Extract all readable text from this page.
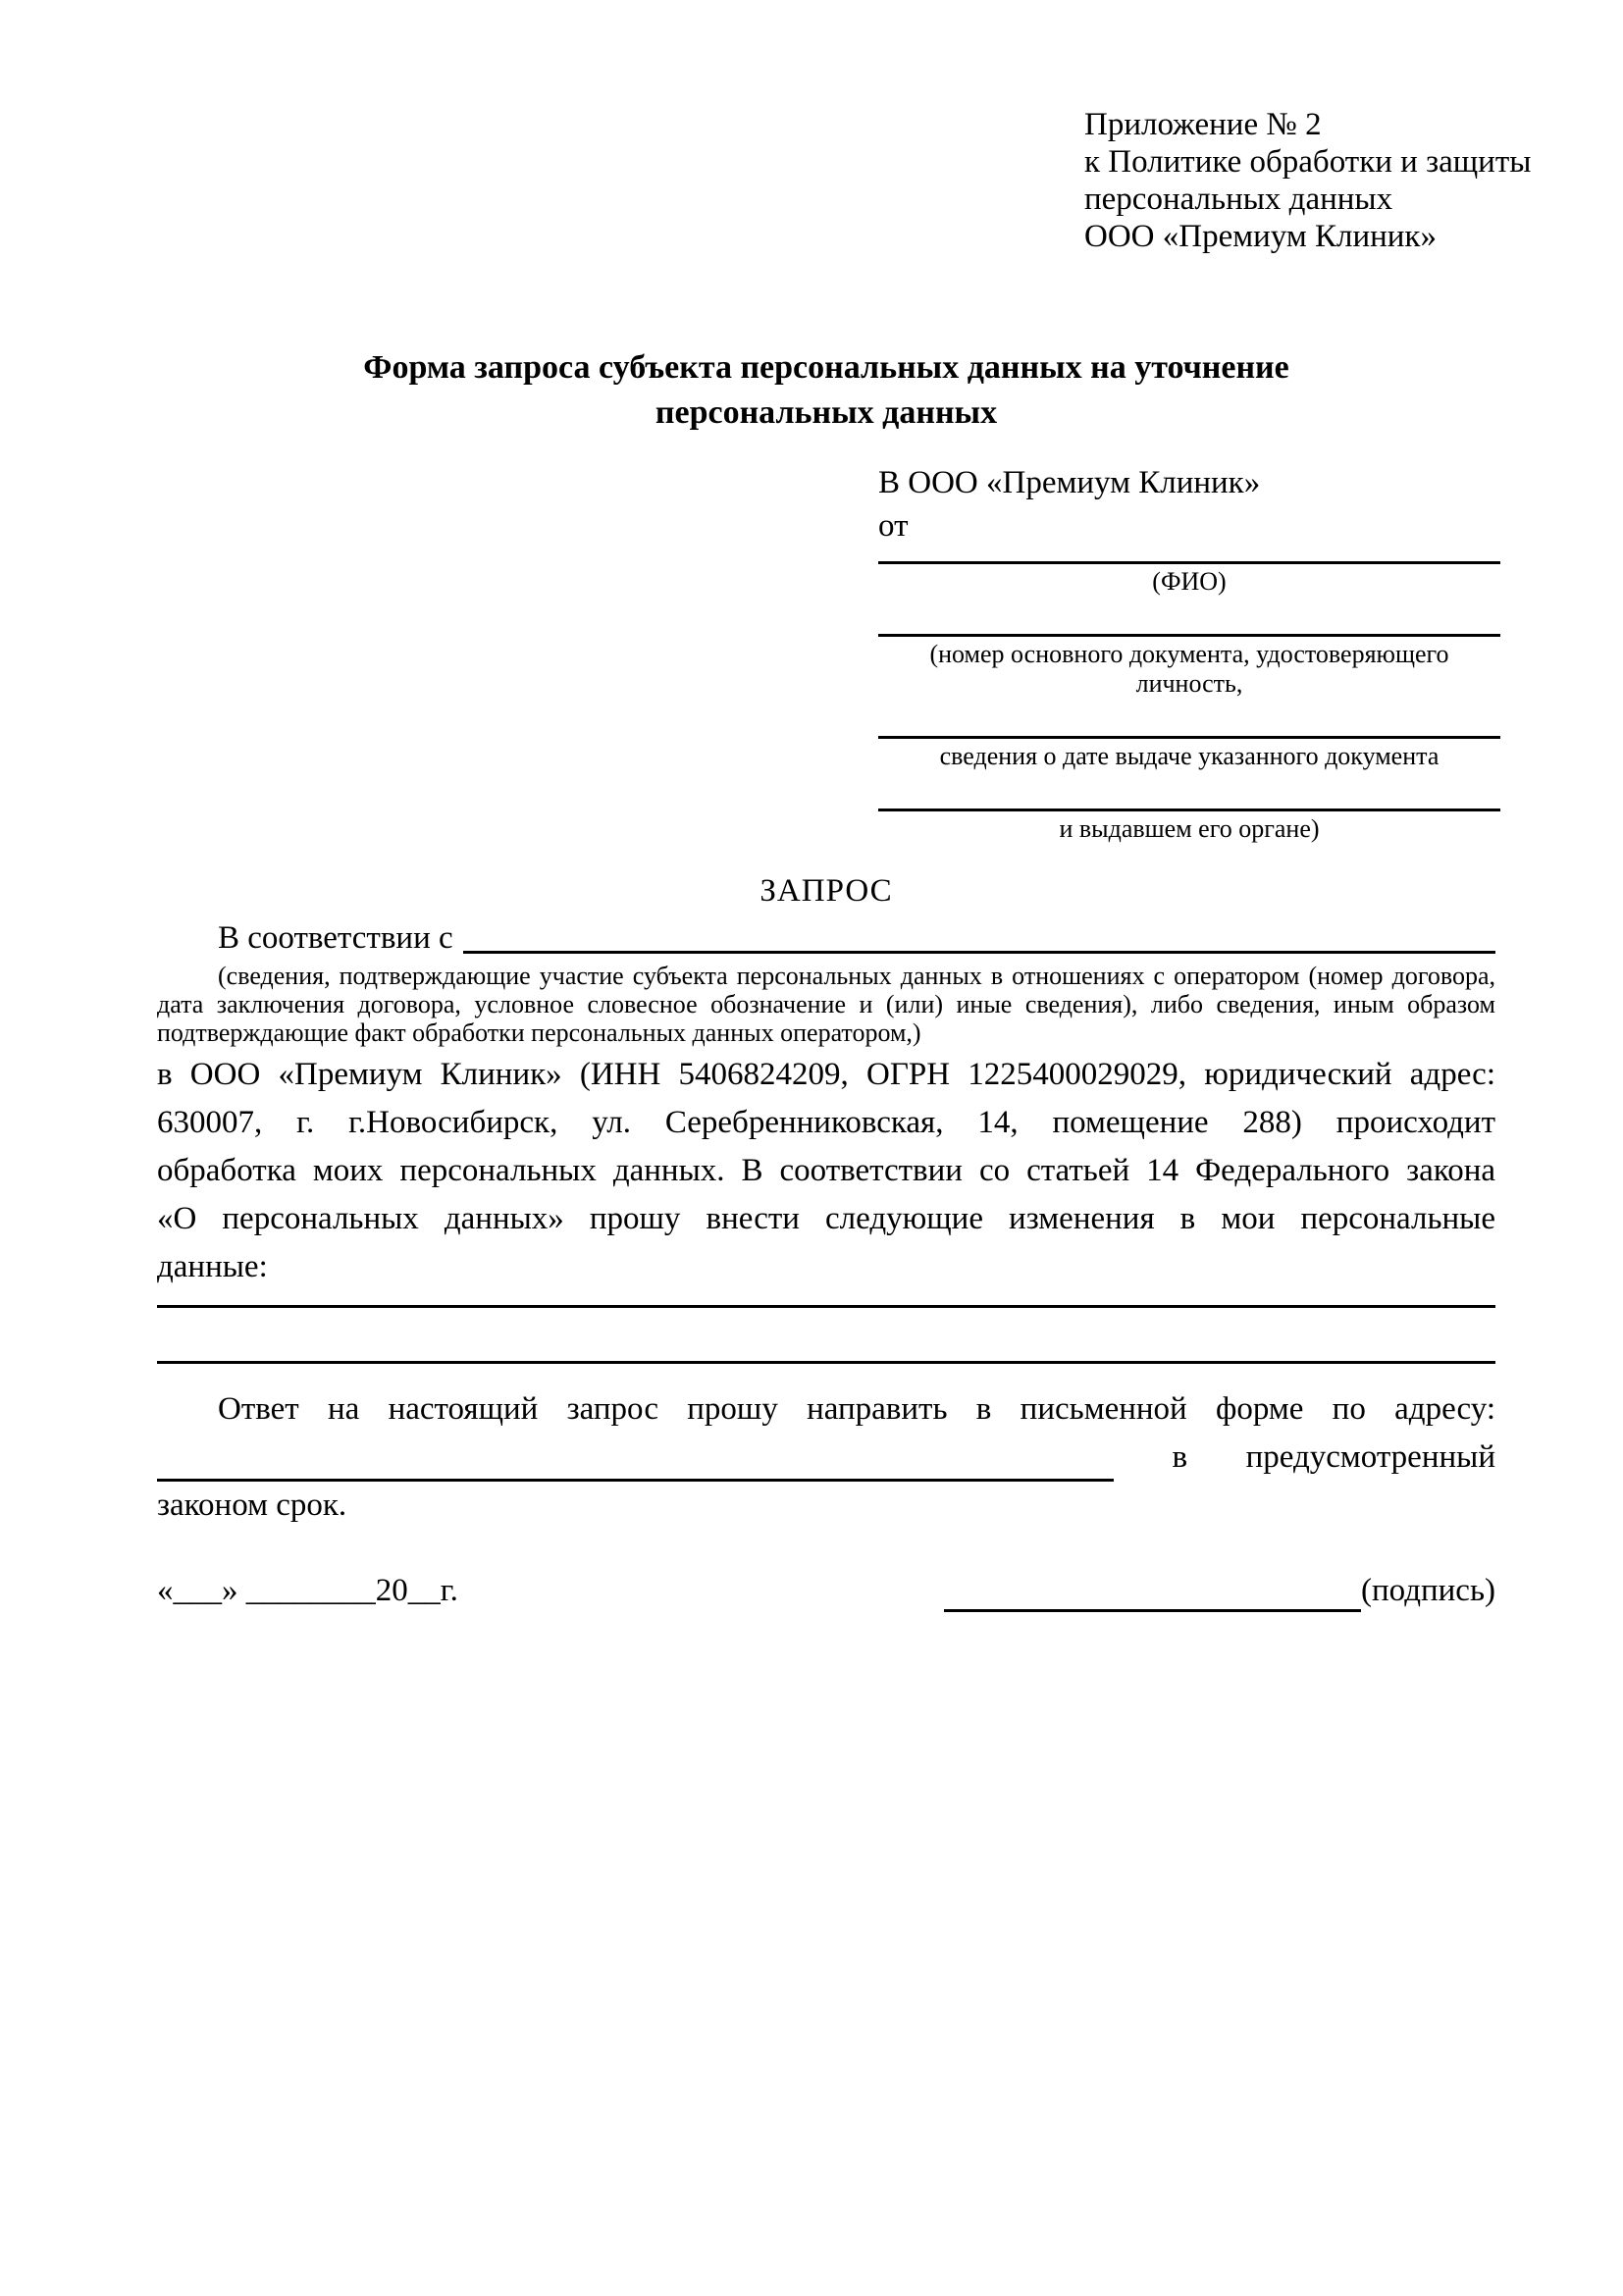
Приложение № 2
к Политике обработки и защиты
персональных данных
ООО «Премиум Клиник»
Форма запроса субъекта персональных данных на уточнение
персональных данных
В ООО «Премиум Клиник»
от
(ФИО)
(номер основного документа, удостоверяющего личность,
сведения о дате выдаче указанного документа
и выдавшем его органе)
ЗАПРОС
В соответствии с
(сведения, подтверждающие участие субъекта персональных данных в отношениях с оператором (номер договора, дата заключения договора, условное словесное обозначение и (или) иные сведения), либо сведения, иным образом подтверждающие факт обработки персональных данных оператором,)
в ООО «Премиум Клиник» (ИНН 5406824209, ОГРН 1225400029029, юридический адрес:
630007, г. г.Новосибирск, ул. Серебренниковская, 14, помещение 288) происходит
обработка моих персональных данных. В соответствии со статьей 14 Федерального закона
«О персональных данных» прошу внести следующие изменения в мои персональные
данные:
Ответ на настоящий запрос прошу направить в письменной форме по адресу:
в предусмотренный
законом срок.
«___» ________20__г.	(подпись)
